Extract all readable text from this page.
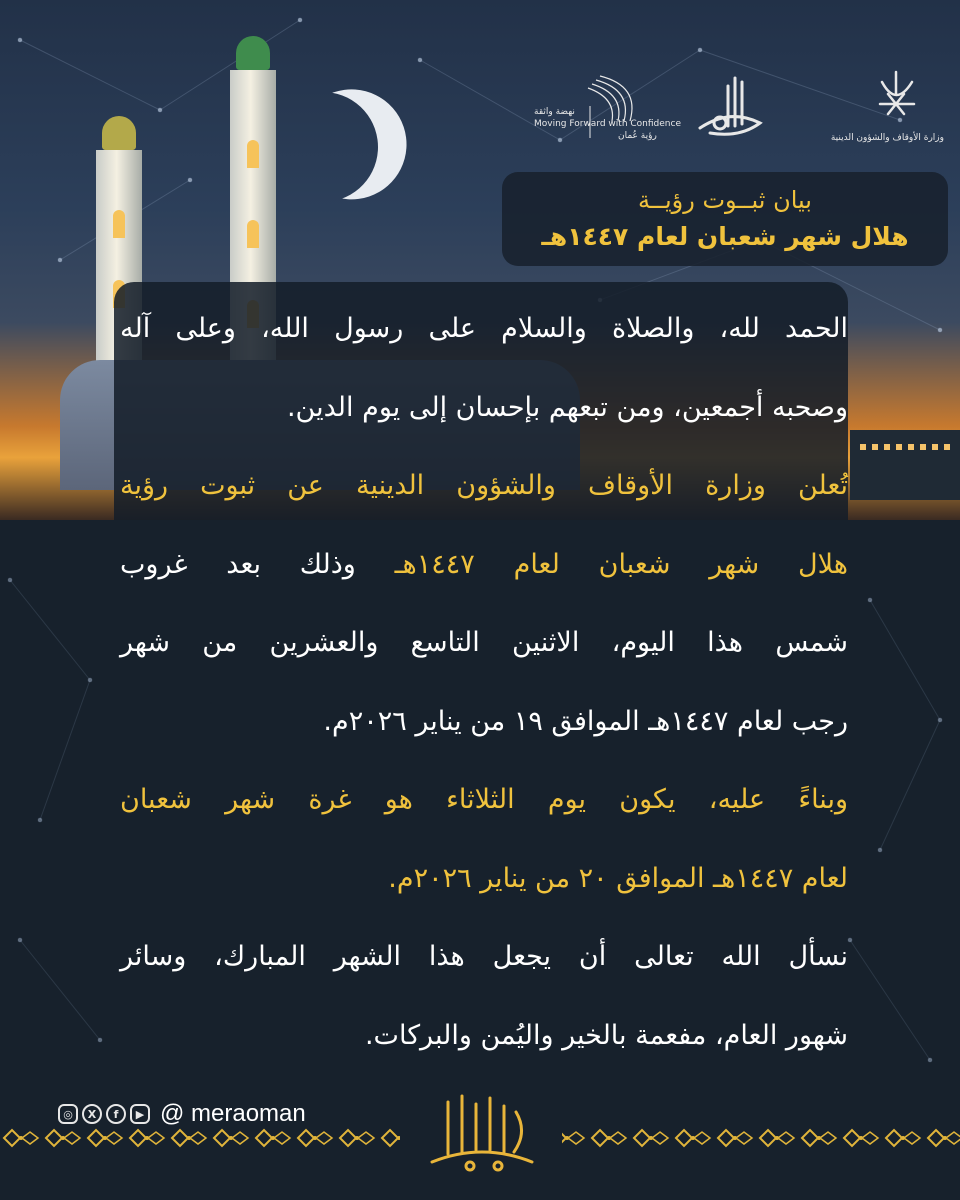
Moving Forward with Confidence
نهضة واثقة
رؤية عُمان	وزارة الأوقاف والشؤون الدينية
بيان ثبــوت رؤيــة
هلال شهر شعبان لعام ١٤٤٧هـ
الحمد لله، والصلاة والسلام على رسول الله، وعلى آله
وصحبه أجمعين، ومن تبعهم بإحسان إلى يوم الدين.
تُعلن وزارة الأوقاف والشؤون الدينية عن ثبوت رؤية
هلال شهر شعبان لعام ١٤٤٧هـ وذلك بعد غروب
شمس هذا اليوم، الاثنين التاسع والعشرين من شهر
رجب لعام ١٤٤٧هـ الموافق ١٩ من يناير ٢٠٢٦م.
وبناءً عليه، يكون يوم الثلاثاء هو غرة شهر شعبان
لعام ١٤٤٧هـ الموافق ٢٠ من يناير ٢٠٢٦م.
نسأل الله تعالى أن يجعل هذا الشهر المبارك، وسائر
شهور العام، مفعمة بالخير واليُمن والبركات.
◎	X	f	▶ @ meraoman
